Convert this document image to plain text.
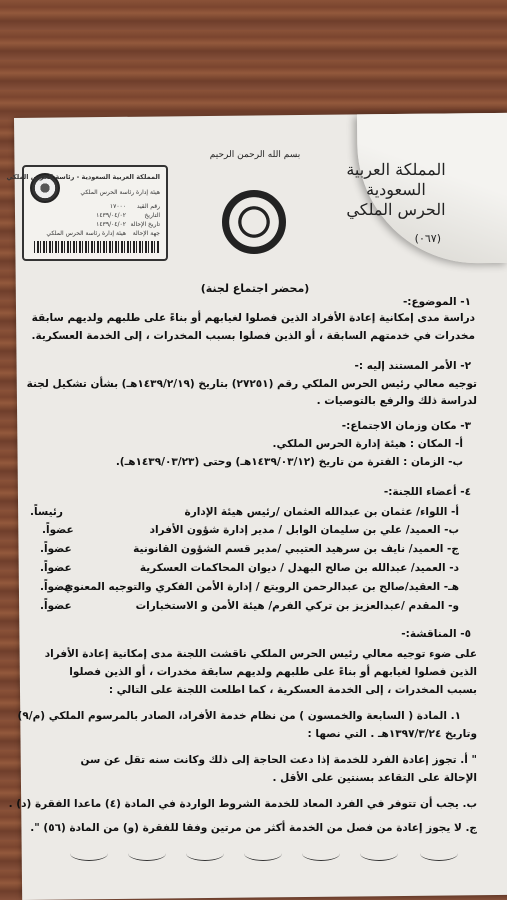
المملكة العربية السعودية - رئاسة الحرس الملكي
هيئة إدارة رئاسة الحرس الملكي
رقم القيد
١٧٠٠٠
التاريخ
١٤٣٩/٠٤/٠٢
تاريخ الإحالة
١٤٣٩/٠٤/٠٢
جهة الإحالة
هيئة إدارة رئاسة الحرس الملكي
بسم الله الرحمن الرحيم
المملكة العربية السعودية
الحرس الملكي
(٠٦٧)
(محضر اجتماع لجنة)
١- الموضوع:-
دراسة مدى إمكانية إعادة الأفراد الذين فصلوا لغيابهم أو بناءً على طلبهم ولديهم سابقة
مخدرات في خدمتهم السابقة ، أو الذين فصلوا بسبب المخدرات ، إلى الخدمة العسكرية.
٢- الأمر المستند إليه :-
توجيه معالي رئيس الحرس الملكي رقم (٢٧٢٥١) بتاريخ (١٤٣٩/٢/١٩هـ) بشأن تشكيل لجنة
لدراسة ذلك والرفع بالتوصيات .
٣- مكان وزمان الاجتماع:-
أ- المكان : هيئة إدارة الحرس الملكي.
ب- الزمان : الفترة من تاريخ (١٤٣٩/٠٣/١٢هـ) وحتى (١٤٣٩/٠٣/٢٣هـ).
٤- أعضاء اللجنة:-
أ- اللواء/ عثمان بن عبدالله العثمان /رئيس هيئة الإدارة
رئيساً.
ب- العميد/ علي بن سليمان الوابل / مدير إدارة شؤون الأفراد
عضواً.
ج- العميد/ نايف بن سرهيد العتيبي /مدير قسم الشؤون القانونية
عضواً.
د- العميد/ عبدالله بن صالح البهدل / ديوان المحاكمات العسكرية
عضواً.
هـ- العقيد/صالح بن عبدالرحمن الرويتع / إدارة الأمن الفكري والتوجيه المعنوي
عضواً.
و- المقدم /عبدالعزيز بن تركي الفرم/ هيئة الأمن و الاستخبارات
عضواً.
٥- المناقشة:-
على ضوء توجيه معالي رئيس الحرس الملكي ناقشت اللجنة مدى إمكانية إعادة الأفراد
الذين فصلوا لغيابهم أو بناءً على طلبهم ولديهم سابقة مخدرات ، أو الذين فصلوا
بسبب المخدرات ، إلى الخدمة العسكرية ، كما اطلعت اللجنة على التالي :
١. المادة ( السابعة والخمسون ) من نظام خدمة الأفراد، الصادر بالمرسوم الملكي (م/٩)
وتاريخ ١٣٩٧/٣/٢٤هـ . التي نصها :
" أ. تجوز إعادة الفرد للخدمة إذا دعت الحاجة إلى ذلك وكانت سنه تقل عن سن
الإحالة على التقاعد بسنتين على الأقل .
ب. يجب أن تتوفر في الفرد المعاد للخدمة الشروط الواردة في المادة (٤) ماعدا الفقرة (د) .
ج. لا يجوز إعادة من فصل من الخدمة أكثر من مرتين وفقا للفقرة (و) من المادة (٥٦) ".
